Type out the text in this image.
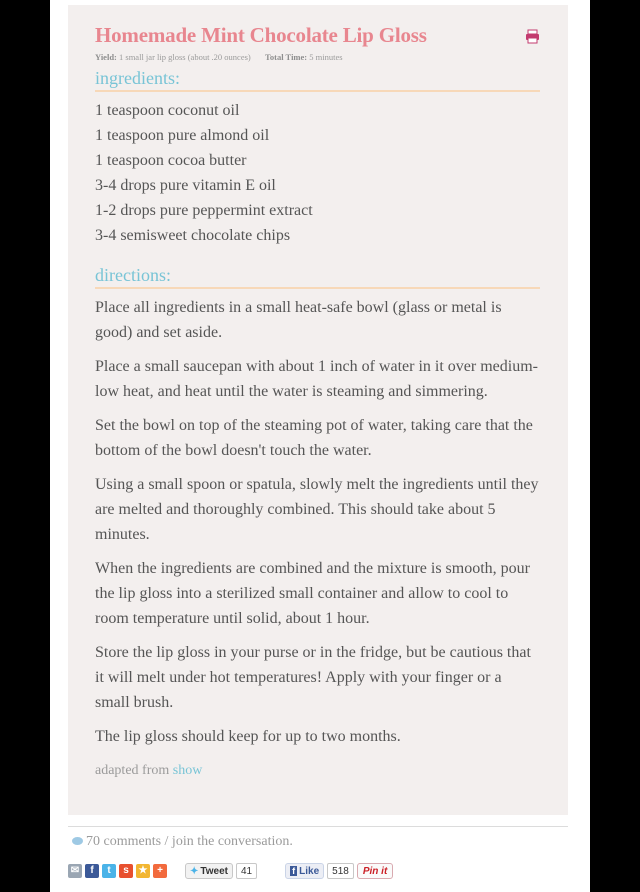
Homemade Mint Chocolate Lip Gloss
Yield: 1 small jar lip gloss (about .20 ounces) Total Time: 5 minutes
ingredients:
1 teaspoon coconut oil
1 teaspoon pure almond oil
1 teaspoon cocoa butter
3-4 drops pure vitamin E oil
1-2 drops pure peppermint extract
3-4 semisweet chocolate chips
directions:

Place all ingredients in a small heat-safe bowl (glass or metal is good) and set aside.

Place a small saucepan with about 1 inch of water in it over medium-low heat, and heat until the water is steaming and simmering.

Set the bowl on top of the steaming pot of water, taking care that the bottom of the bowl doesn't touch the water.

Using a small spoon or spatula, slowly melt the ingredients until they are melted and thoroughly combined. This should take about 5 minutes.

When the ingredients are combined and the mixture is smooth, pour the lip gloss into a sterilized small container and allow to cool to room temperature until solid, about 1 hour.

Store the lip gloss in your purse or in the fridge, but be cautious that it will melt under hot temperatures! Apply with your finger or a small brush.

The lip gloss should keep for up to two months.

adapted from show
70 comments / join the conversation.
✉	f	t	s ★ +	✦ Tweet	41	f Like	518	Pin it
